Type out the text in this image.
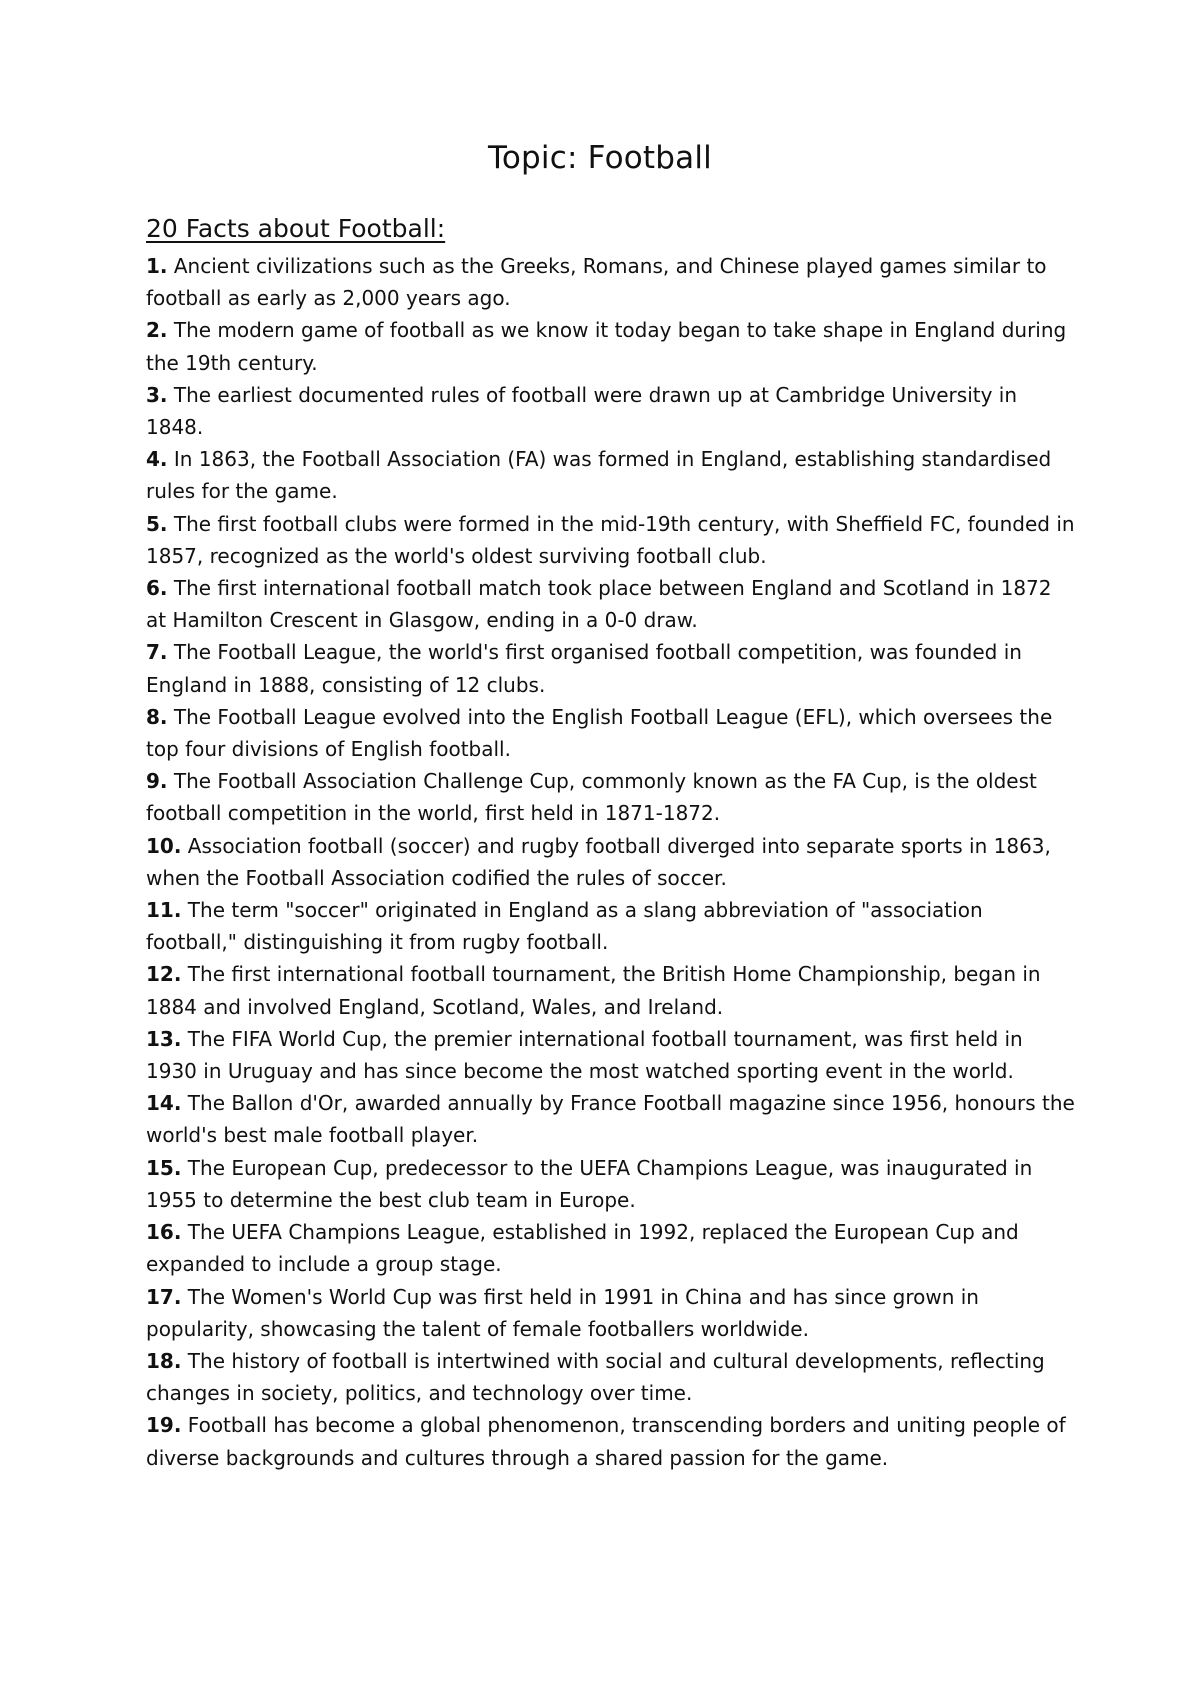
Topic: Football
20 Facts about Football:
1. Ancient civilizations such as the Greeks, Romans, and Chinese played games similar to football as early as 2,000 years ago.
2. The modern game of football as we know it today began to take shape in England during the 19th century.
3. The earliest documented rules of football were drawn up at Cambridge University in 1848.
4. In 1863, the Football Association (FA) was formed in England, establishing standardised rules for the game.
5. The first football clubs were formed in the mid-19th century, with Sheffield FC, founded in 1857, recognized as the world's oldest surviving football club.
6. The first international football match took place between England and Scotland in 1872 at Hamilton Crescent in Glasgow, ending in a 0-0 draw.
7. The Football League, the world's first organised football competition, was founded in England in 1888, consisting of 12 clubs.
8. The Football League evolved into the English Football League (EFL), which oversees the top four divisions of English football.
9. The Football Association Challenge Cup, commonly known as the FA Cup, is the oldest football competition in the world, first held in 1871-1872.
10. Association football (soccer) and rugby football diverged into separate sports in 1863, when the Football Association codified the rules of soccer.
11. The term "soccer" originated in England as a slang abbreviation of "association football," distinguishing it from rugby football.
12. The first international football tournament, the British Home Championship, began in 1884 and involved England, Scotland, Wales, and Ireland.
13. The FIFA World Cup, the premier international football tournament, was first held in 1930 in Uruguay and has since become the most watched sporting event in the world.
14. The Ballon d'Or, awarded annually by France Football magazine since 1956, honours the world's best male football player.
15. The European Cup, predecessor to the UEFA Champions League, was inaugurated in 1955 to determine the best club team in Europe.
16. The UEFA Champions League, established in 1992, replaced the European Cup and expanded to include a group stage.
17. The Women's World Cup was first held in 1991 in China and has since grown in popularity, showcasing the talent of female footballers worldwide.
18. The history of football is intertwined with social and cultural developments, reflecting changes in society, politics, and technology over time.
19. Football has become a global phenomenon, transcending borders and uniting people of diverse backgrounds and cultures through a shared passion for the game.
